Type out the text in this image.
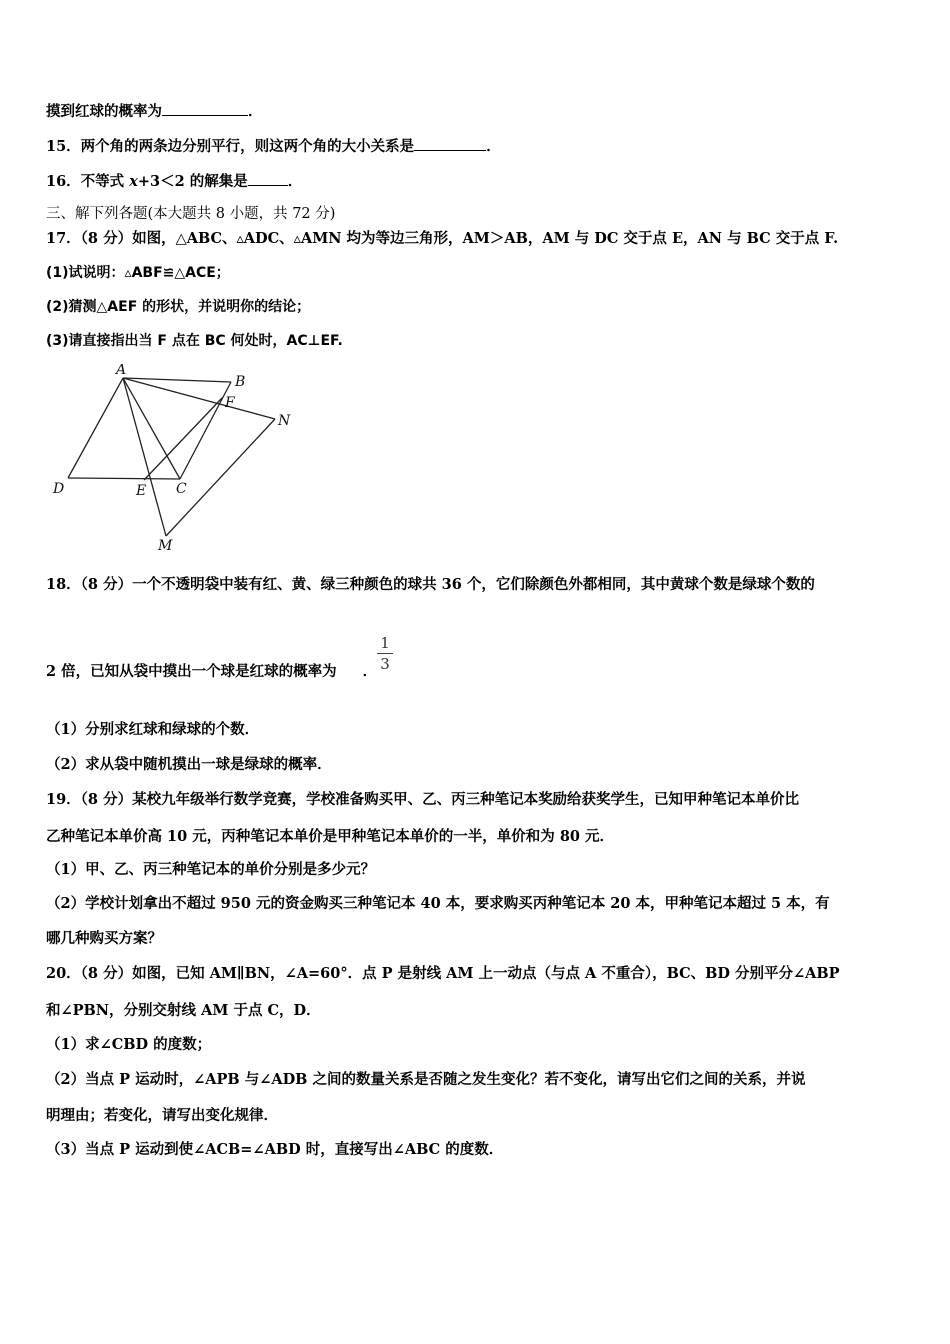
摸到红球的概率为	．
15．两个角的两条边分别平行，则这两个角的大小关系是	．
16．不等式 x+3＜2 的解集是	．
三、解下列各题(本大题共 8 小题，共 72 分)
17．（8 分）如图，△ABC、▵ADC、▵AMN 均为等边三角形，AM＞AB，AM 与 DC 交于点 E，AN 与 BC 交于点 F.
(1)试说明：▵ABF≌△ACE；
(2)猜测△AEF 的形状，并说明你的结论；
(3)请直接指出当 F 点在 BC 何处时，AC⊥EF.
A
B
F
N
D	E C
M
18．（8 分）一个不透明袋中装有红、黄、绿三种颜色的球共 36 个，它们除颜色外都相同，其中黄球个数是绿球个数的
2 倍，已知从袋中摸出一个球是红球的概率为 ．
1
3
（1）分别求红球和绿球的个数．
（2）求从袋中随机摸出一球是绿球的概率．
19．（8 分）某校九年级举行数学竞赛，学校准备购买甲、乙、丙三种笔记本奖励给获奖学生，已知甲种笔记本单价比
乙种笔记本单价高 10 元，丙种笔记本单价是甲种笔记本单价的一半，单价和为 80 元．
（1）甲、乙、丙三种笔记本的单价分别是多少元？
（2）学校计划拿出不超过 950 元的资金购买三种笔记本 40 本，要求购买丙种笔记本 20 本，甲种笔记本超过 5 本，有
哪几种购买方案？
20．（8 分）如图，已知 AM∥BN，∠A=60°．点 P 是射线 AM 上一动点（与点 A 不重合），BC、BD 分别平分∠ABP
和∠PBN，分别交射线 AM 于点 C，D．
（1）求∠CBD 的度数；
（2）当点 P 运动时，∠APB 与∠ADB 之间的数量关系是否随之发生变化？若不变化，请写出它们之间的关系，并说
明理由；若变化，请写出变化规律．
（3）当点 P 运动到使∠ACB=∠ABD 时，直接写出∠ABC 的度数．
